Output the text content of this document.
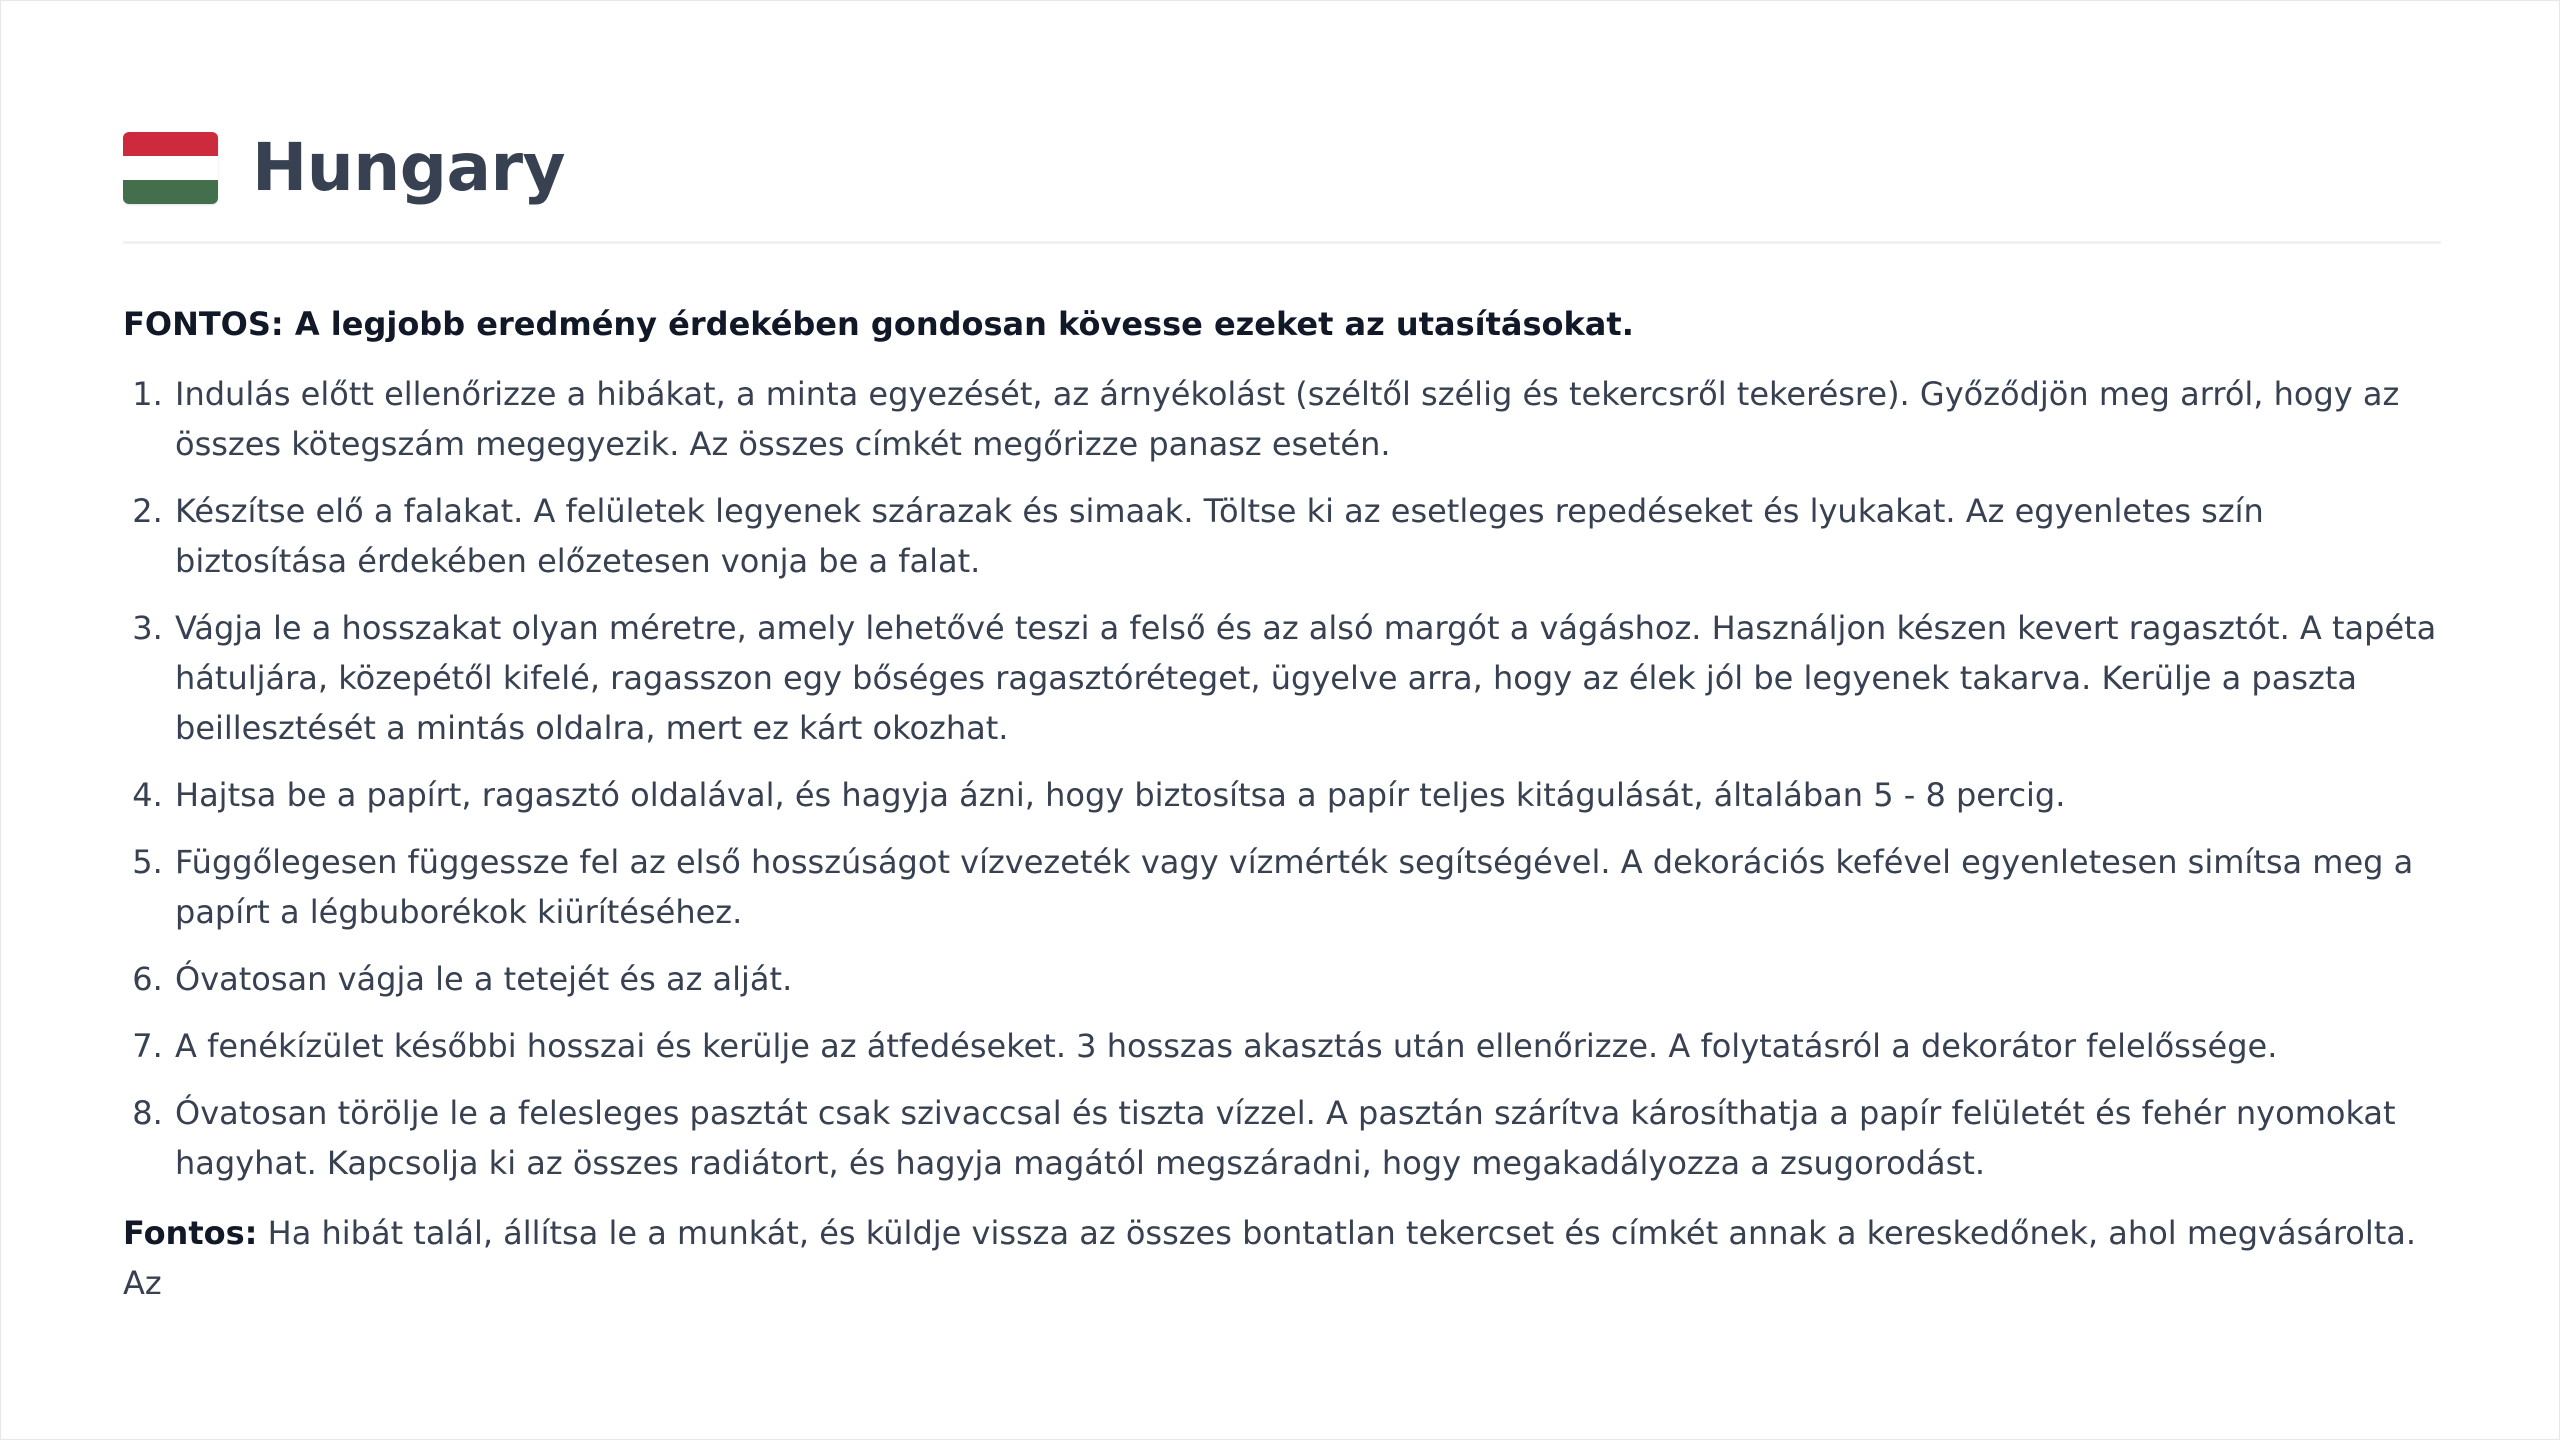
Hungary
FONTOS: A legjobb eredmény érdekében gondosan kövesse ezeket az utasításokat.
1. Indulás előtt ellenőrizze a hibákat, a minta egyezését, az árnyékolást (széltől szélig és tekercsről tekerésre). Győződjön meg arról, hogy az összes kötegszám megegyezik. Az összes címkét megőrizze panasz esetén.
2. Készítse elő a falakat. A felületek legyenek szárazak és simaak. Töltse ki az esetleges repedéseket és lyukakat. Az egyenletes szín biztosítása érdekében előzetesen vonja be a falat.
3. Vágja le a hosszakat olyan méretre, amely lehetővé teszi a felső és az alsó margót a vágáshoz. Használjon készen kevert ragasztót. A tapéta hátuljára, közepétől kifelé, ragasszon egy bőséges ragasztóréteget, ügyelve arra, hogy az élek jól be legyenek takarva. Kerülje a paszta beillesztését a mintás oldalra, mert ez kárt okozhat.
4. Hajtsa be a papírt, ragasztó oldalával, és hagyja ázni, hogy biztosítsa a papír teljes kitágulását, általában 5 - 8 percig.
5. Függőlegesen függessze fel az első hosszúságot vízvezeték vagy vízmérték segítségével. A dekorációs kefével egyenletesen simítsa meg a papírt a légbuborékok kiürítéséhez.
6. Óvatosan vágja le a tetejét és az alját.
7. A fenékízület későbbi hosszai és kerülje az átfedéseket. 3 hosszas akasztás után ellenőrizze. A folytatásról a dekorátor felelőssége.
8. Óvatosan törölje le a felesleges pasztát csak szivaccsal és tiszta vízzel. A pasztán szárítva károsíthatja a papír felületét és fehér nyomokat hagyhat. Kapcsolja ki az összes radiátort, és hagyja magától megszáradni, hogy megakadályozza a zsugorodást.
Fontos: Ha hibát talál, állítsa le a munkát, és küldje vissza az összes bontatlan tekercset és címkét annak a kereskedőnek, ahol megvásárolta. Az
